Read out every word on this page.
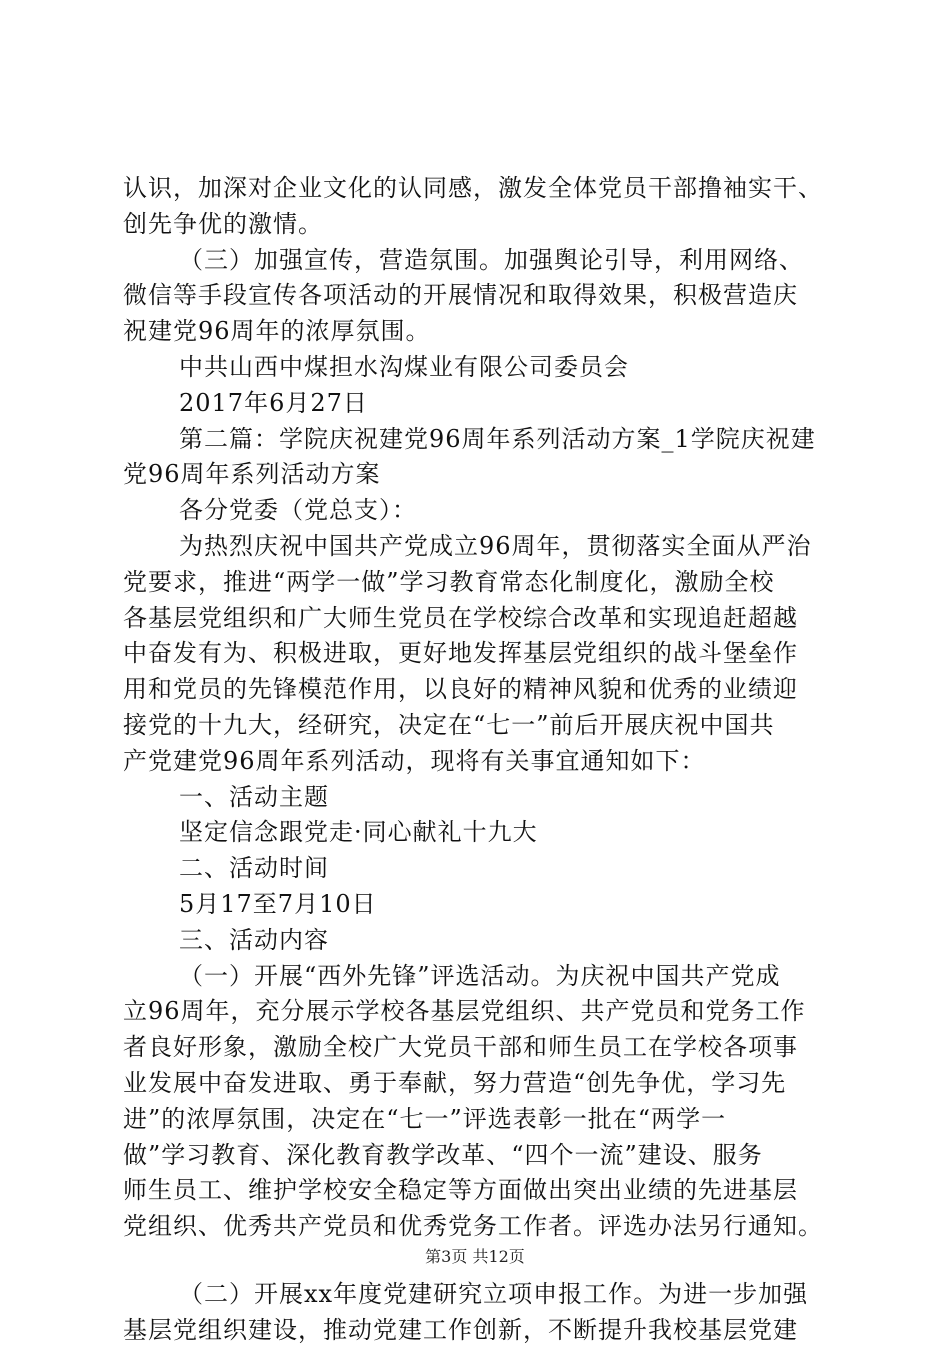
认识，加深对企业文化的认同感，激发全体党员干部撸袖实干、
创先争优的激情。
（三）加强宣传，营造氛围。加强舆论引导，利用网络、
微信等手段宣传各项活动的开展情况和取得效果，积极营造庆
祝建党96周年的浓厚氛围。
中共山西中煤担水沟煤业有限公司委员会
2017年6月27日
第二篇：学院庆祝建党96周年系列活动方案_1学院庆祝建
党96周年系列活动方案
各分党委（党总支）：
为热烈庆祝中国共产党成立96周年，贯彻落实全面从严治
党要求，推进“两学一做”学习教育常态化制度化，激励全校
各基层党组织和广大师生党员在学校综合改革和实现追赶超越
中奋发有为、积极进取，更好地发挥基层党组织的战斗堡垒作
用和党员的先锋模范作用，以良好的精神风貌和优秀的业绩迎
接党的十九大，经研究，决定在“七一”前后开展庆祝中国共
产党建党96周年系列活动，现将有关事宜通知如下：
一、活动主题
坚定信念跟党走·同心献礼十九大
二、活动时间
5月17至7月10日
三、活动内容
（一）开展“西外先锋”评选活动。为庆祝中国共产党成
立96周年，充分展示学校各基层党组织、共产党员和党务工作
者良好形象，激励全校广大党员干部和师生员工在学校各项事
业发展中奋发进取、勇于奉献，努力营造“创先争优，学习先
进”的浓厚氛围，决定在“七一”评选表彰一批在“两学一
做”学习教育、深化教育教学改革、“四个一流”建设、服务
师生员工、维护学校安全稳定等方面做出突出业绩的先进基层
党组织、优秀共产党员和优秀党务工作者。评选办法另行通知。
（二）开展xx年度党建研究立项申报工作。为进一步加强
基层党组织建设，推动党建工作创新，不断提升我校基层党建
第3页 共12页
